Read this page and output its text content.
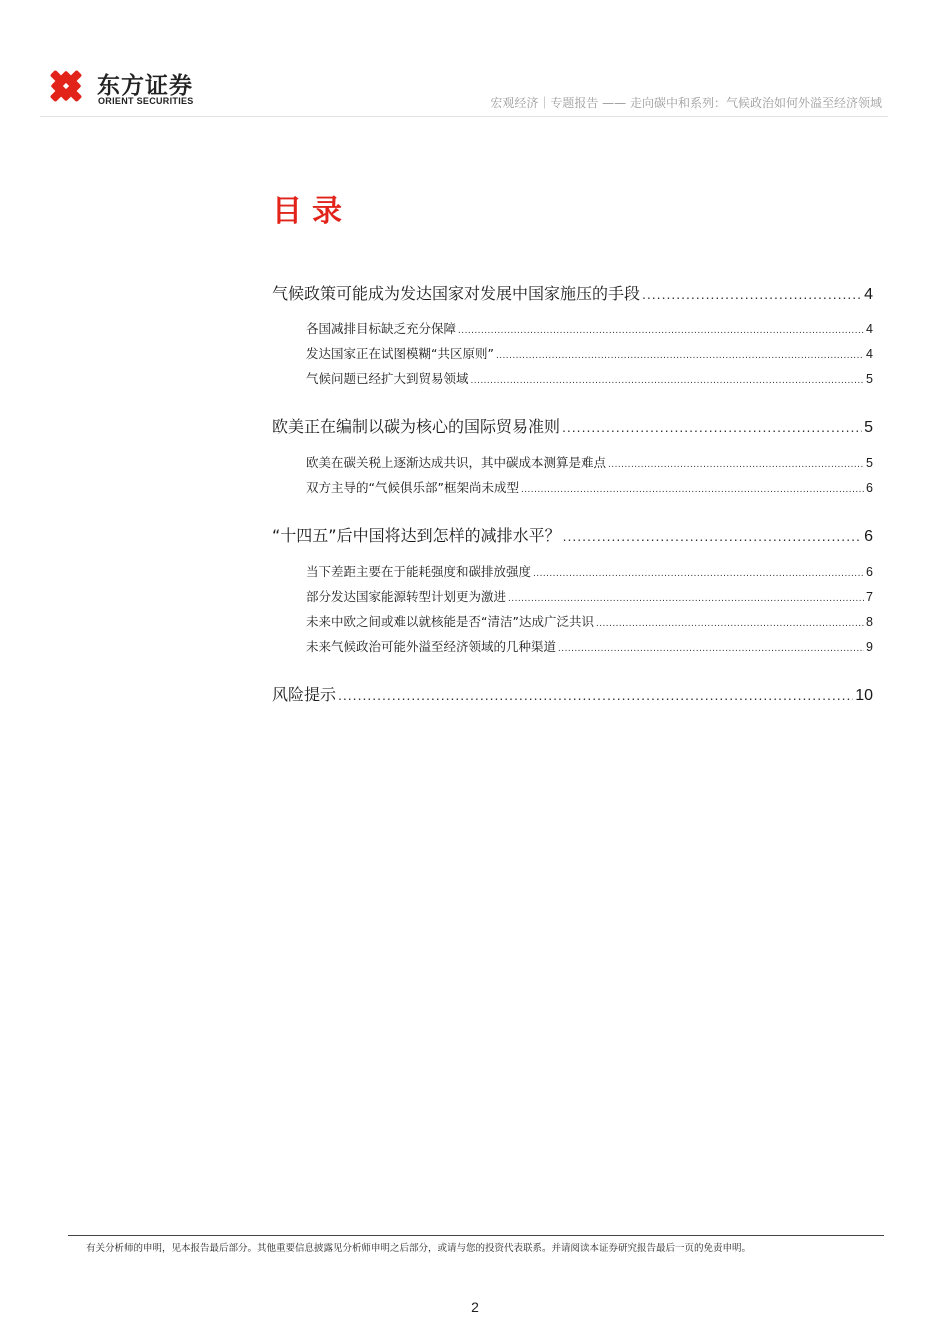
东方证券
ORIENT SECURITIES	宏观经济｜专题报告 —— 走向碳中和系列：气候政治如何外溢至经济领域
目录
气候政策可能成为发达国家对发展中国家施压的手段 .....	4
各国减排目标缺乏充分保障 .....	4
发达国家正在试图模糊“共区原则” .....	4
气候问题已经扩大到贸易领域 .....	5
欧美正在编制以碳为核心的国际贸易准则 .....	5
欧美在碳关税上逐渐达成共识，其中碳成本测算是难点 .....	5
双方主导的“气候俱乐部”框架尚未成型 .....	6
“十四五”后中国将达到怎样的减排水平？ .....	6
当下差距主要在于能耗强度和碳排放强度 .....	6
部分发达国家能源转型计划更为激进 .....	7
未来中欧之间或难以就核能是否“清洁”达成广泛共识 .....	8
未来气候政治可能外溢至经济领域的几种渠道 .....	9
风险提示 .....	10
有关分析师的申明，见本报告最后部分。其他重要信息披露见分析师申明之后部分，或请与您的投资代表联系。并请阅读本证券研究报告最后一页的免责申明。
2
